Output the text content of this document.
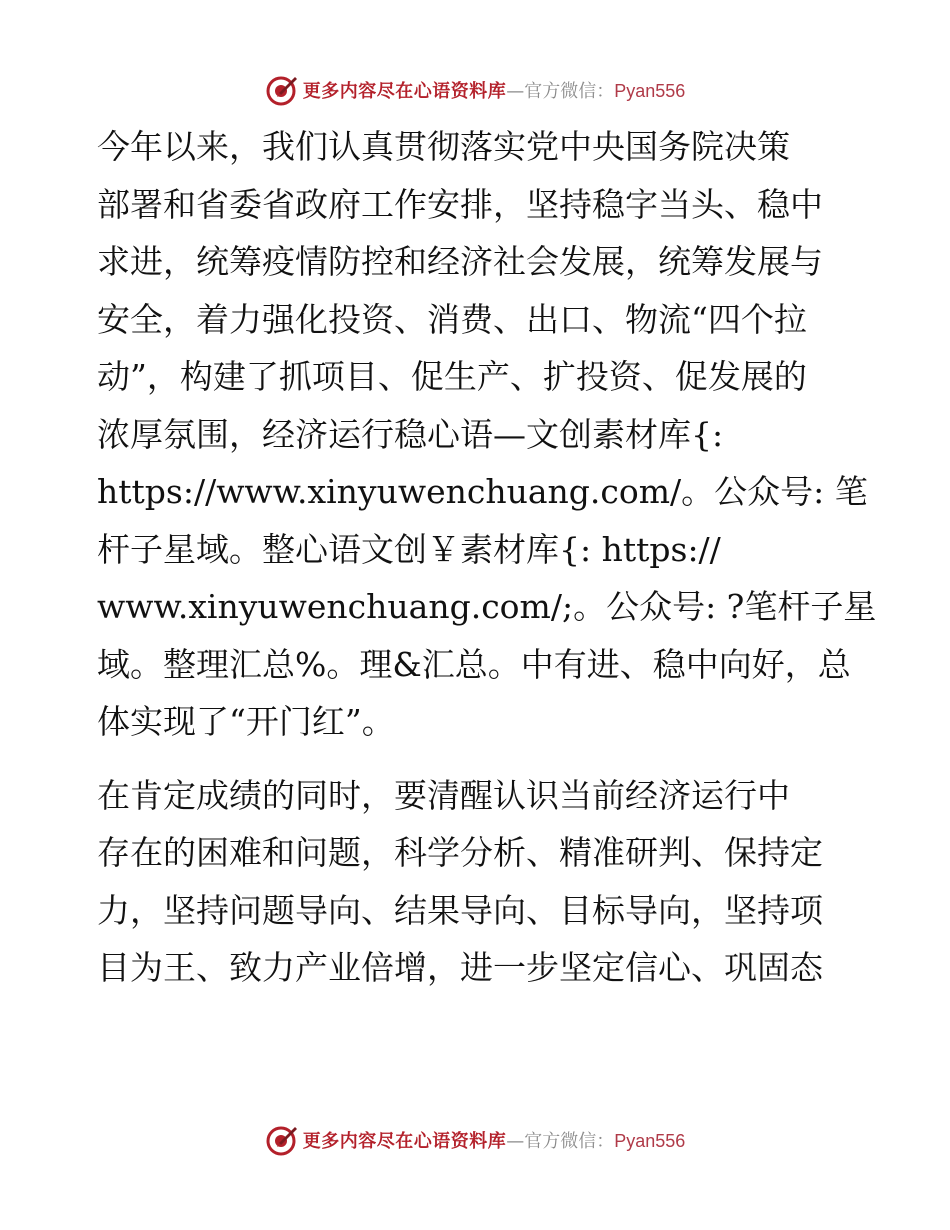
更多内容尽在心语资料库 —官方微信：Pyan556

今年以来，我们认真贯彻落实党中央国务院决策
部署和省委省政府工作安排，坚持稳字当头、稳中
求进，统筹疫情防控和经济社会发展，统筹发展与
安全，着力强化投资、消费、出口、物流“四个拉
动”，构建了抓项目、促生产、扩投资、促发展的
浓厚氛围，经济运行稳心语—文创素材库{:
https://www.xinyuwenchuang.com/。公众号: 笔
杆子星域。整心语文创￥素材库{: https://
www.xinyuwenchuang.com/;。公众号: ?笔杆子星
域。整理汇总%。理&汇总。中有进、稳中向好，总
体实现了“开门红”。

在肯定成绩的同时，要清醒认识当前经济运行中
存在的困难和问题，科学分析、精准研判、保持定
力，坚持问题导向、结果导向、目标导向，坚持项
目为王、致力产业倍增，进一步坚定信心、巩固态

更多内容尽在心语资料库 —官方微信：Pyan556
